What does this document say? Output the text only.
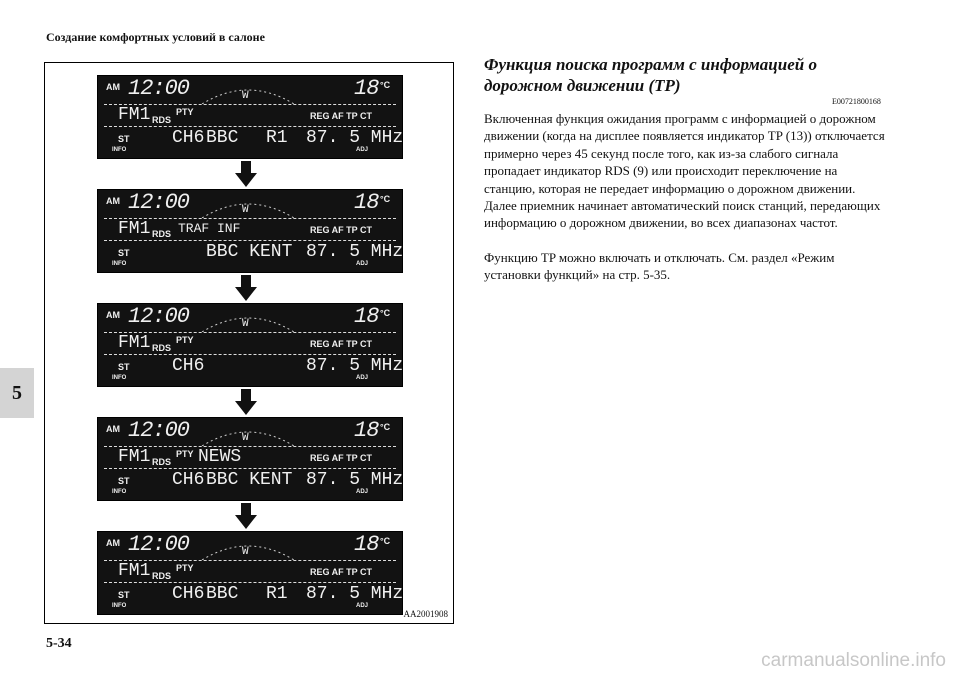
Создание комфортных условий в салоне
5
5-34
carmanualsonline.info
AM 12:00	W	18 °C
FM1 RDS
PTY	REG AF TP CT
ST CH6 BBC R1 87. 5 MHz
INFO	ADJ
AM 12:00	W	18 °C
FM1 RDS TRAF INF	REG AF TP CT
ST	BBC KENT 87. 5 MHz
INFO	ADJ
AM 12:00	W	18 °C
FM1 RDS
PTY	REG AF TP CT
ST CH6	87. 5 MHz
INFO	ADJ
AM 12:00	W	18 °C
FM1 RDS
PTY NEWS	REG AF TP CT
ST CH6 BBC KENT 87. 5 MHz
INFO	ADJ
AM 12:00	W	18 °C
FM1 RDS
PTY	REG AF TP CT
ST CH6 BBC R1 87. 5 MHz
INFO	ADJ
AA2001908
Функция поиска программ с информацией о дорожном движении (TP)
E00721800168

Включенная функция ожидания программ с информацией о дорожном движении (когда на дисплее появляется индикатор TP (13)) отключается примерно через 45 секунд после того, как из-за слабого сигнала пропадает индикатор RDS (9) или происходит переключение на станцию, которая не передает информацию о дорожном движении. Далее приемник начинает автоматический поиск станций, передающих информацию о дорожном движении, во всех диапазонах частот.

Функцию TP можно включать и отключать. См. раздел «Режим установки функций» на стр. 5-35.
